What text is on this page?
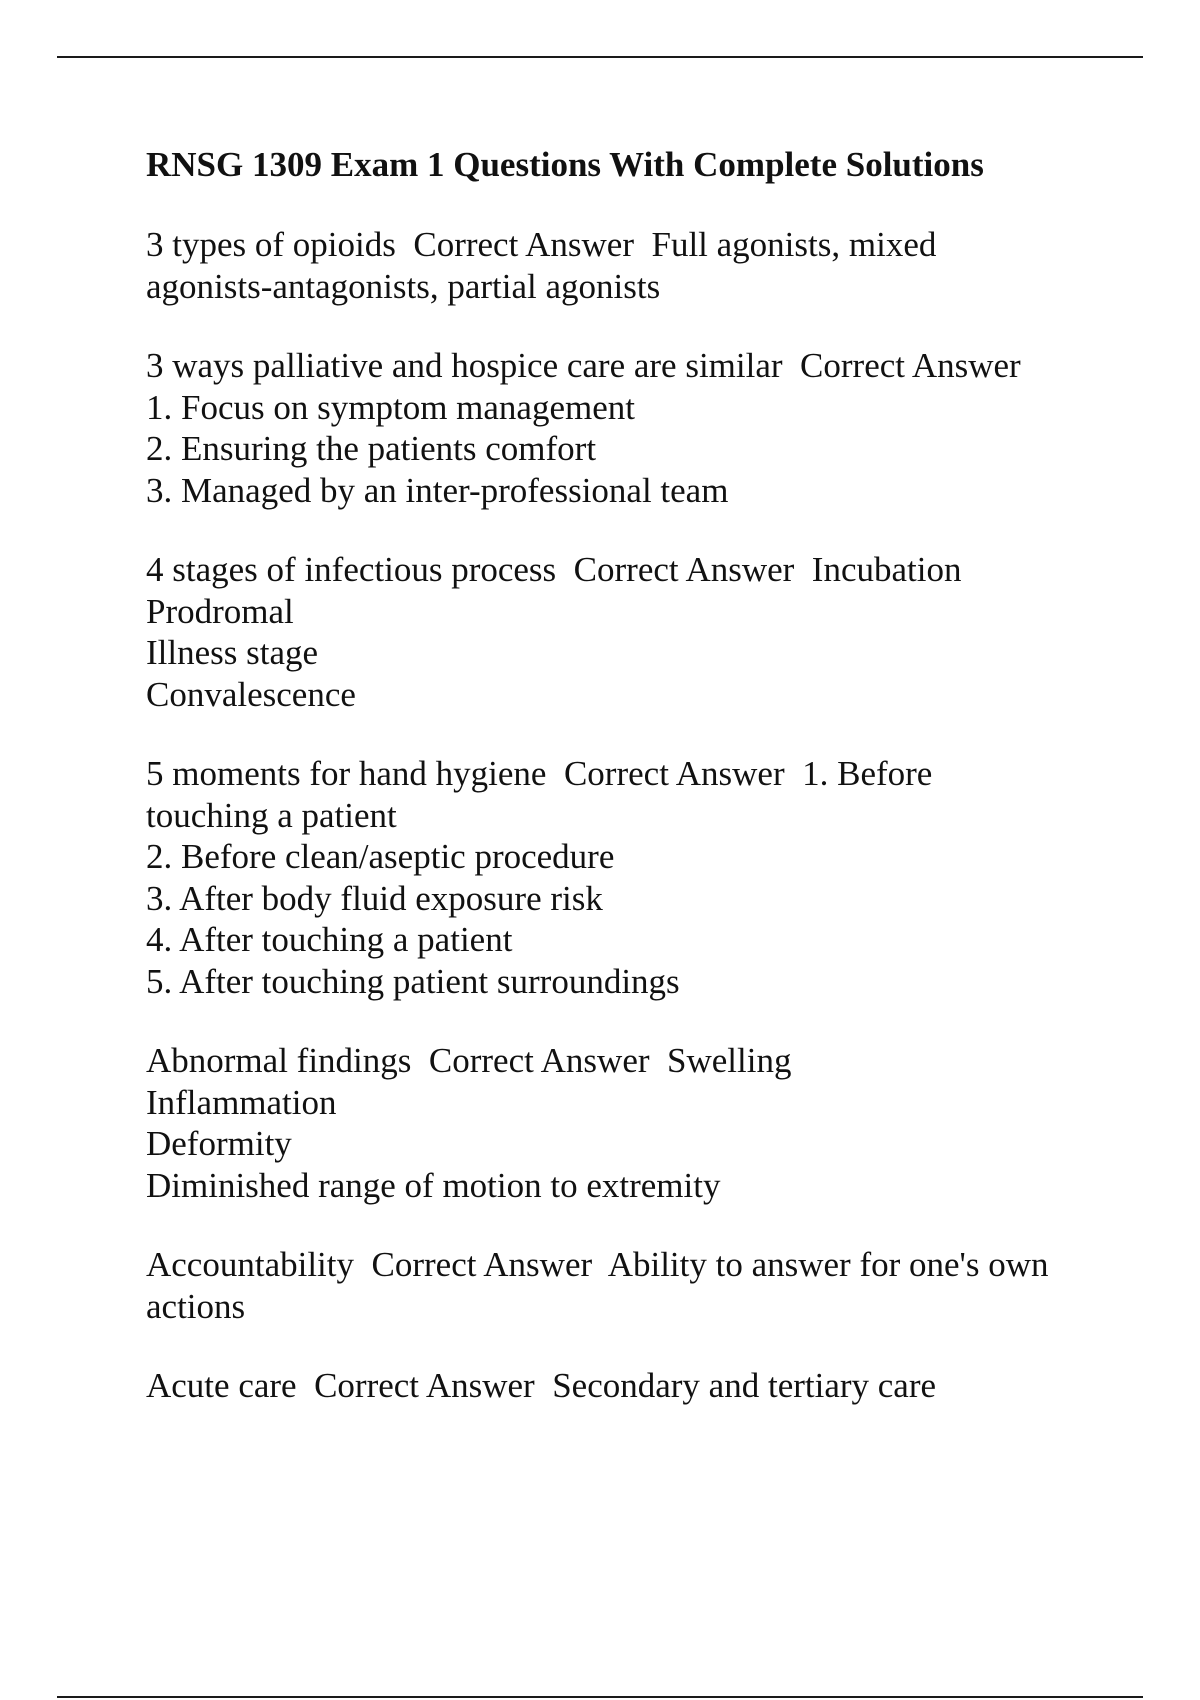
RNSG 1309 Exam 1 Questions With Complete Solutions
3 types of opioids  Correct Answer  Full agonists, mixed
agonists-antagonists, partial agonists
3 ways palliative and hospice care are similar  Correct Answer
1. Focus on symptom management
2. Ensuring the patients comfort
3. Managed by an inter-professional team
4 stages of infectious process  Correct Answer  Incubation
Prodromal
Illness stage
Convalescence
5 moments for hand hygiene  Correct Answer  1. Before
touching a patient
2. Before clean/aseptic procedure
3. After body fluid exposure risk
4. After touching a patient
5. After touching patient surroundings
Abnormal findings  Correct Answer  Swelling
Inflammation
Deformity
Diminished range of motion to extremity
Accountability  Correct Answer  Ability to answer for one's own
actions
Acute care  Correct Answer  Secondary and tertiary care
